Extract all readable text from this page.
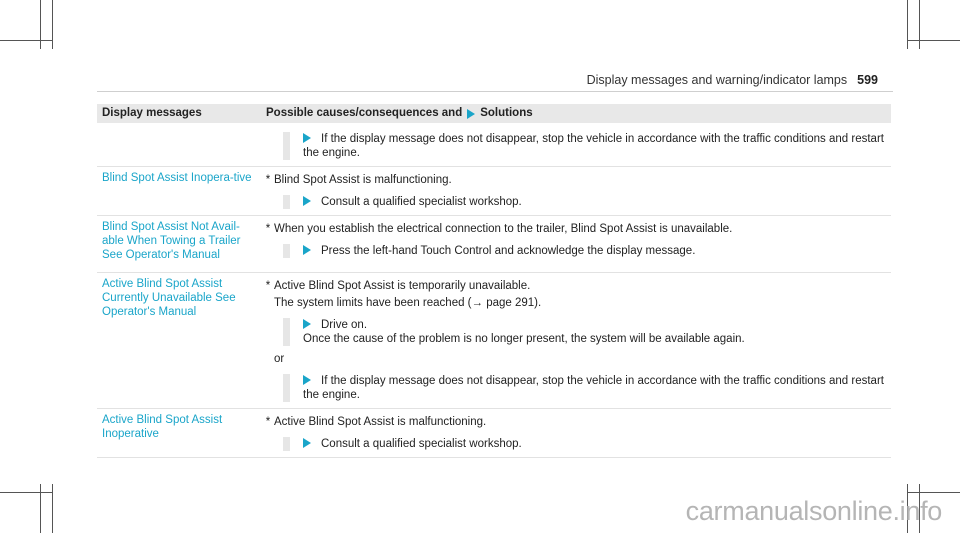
Display messages and warning/indicator lamps 599
Display messages	Possible causes/consequences and Solutions
If the display message does not disappear, stop the vehicle in accordance with the traffic conditions and restart the engine.
Blind Spot Assist Inopera-tive	* Blind Spot Assist is malfunctioning.
Consult a qualified specialist workshop.
Blind Spot Assist Not Avail-able When Towing a Trailer See Operator's Manual
* When you establish the electrical connection to the trailer, Blind Spot Assist is unavailable.
Press the left-hand Touch Control and acknowledge the display message.
Active Blind Spot Assist Currently Unavailable See Operator's Manual
* Active Blind Spot Assist is temporarily unavailable.
The system limits have been reached (→ page 291).
Drive on.
Once the cause of the problem is no longer present, the system will be available again.
or
If the display message does not disappear, stop the vehicle in accordance with the traffic conditions and restart the engine.
Active Blind Spot Assist Inoperative
* Active Blind Spot Assist is malfunctioning.
Consult a qualified specialist workshop.
carmanualsonline.info
